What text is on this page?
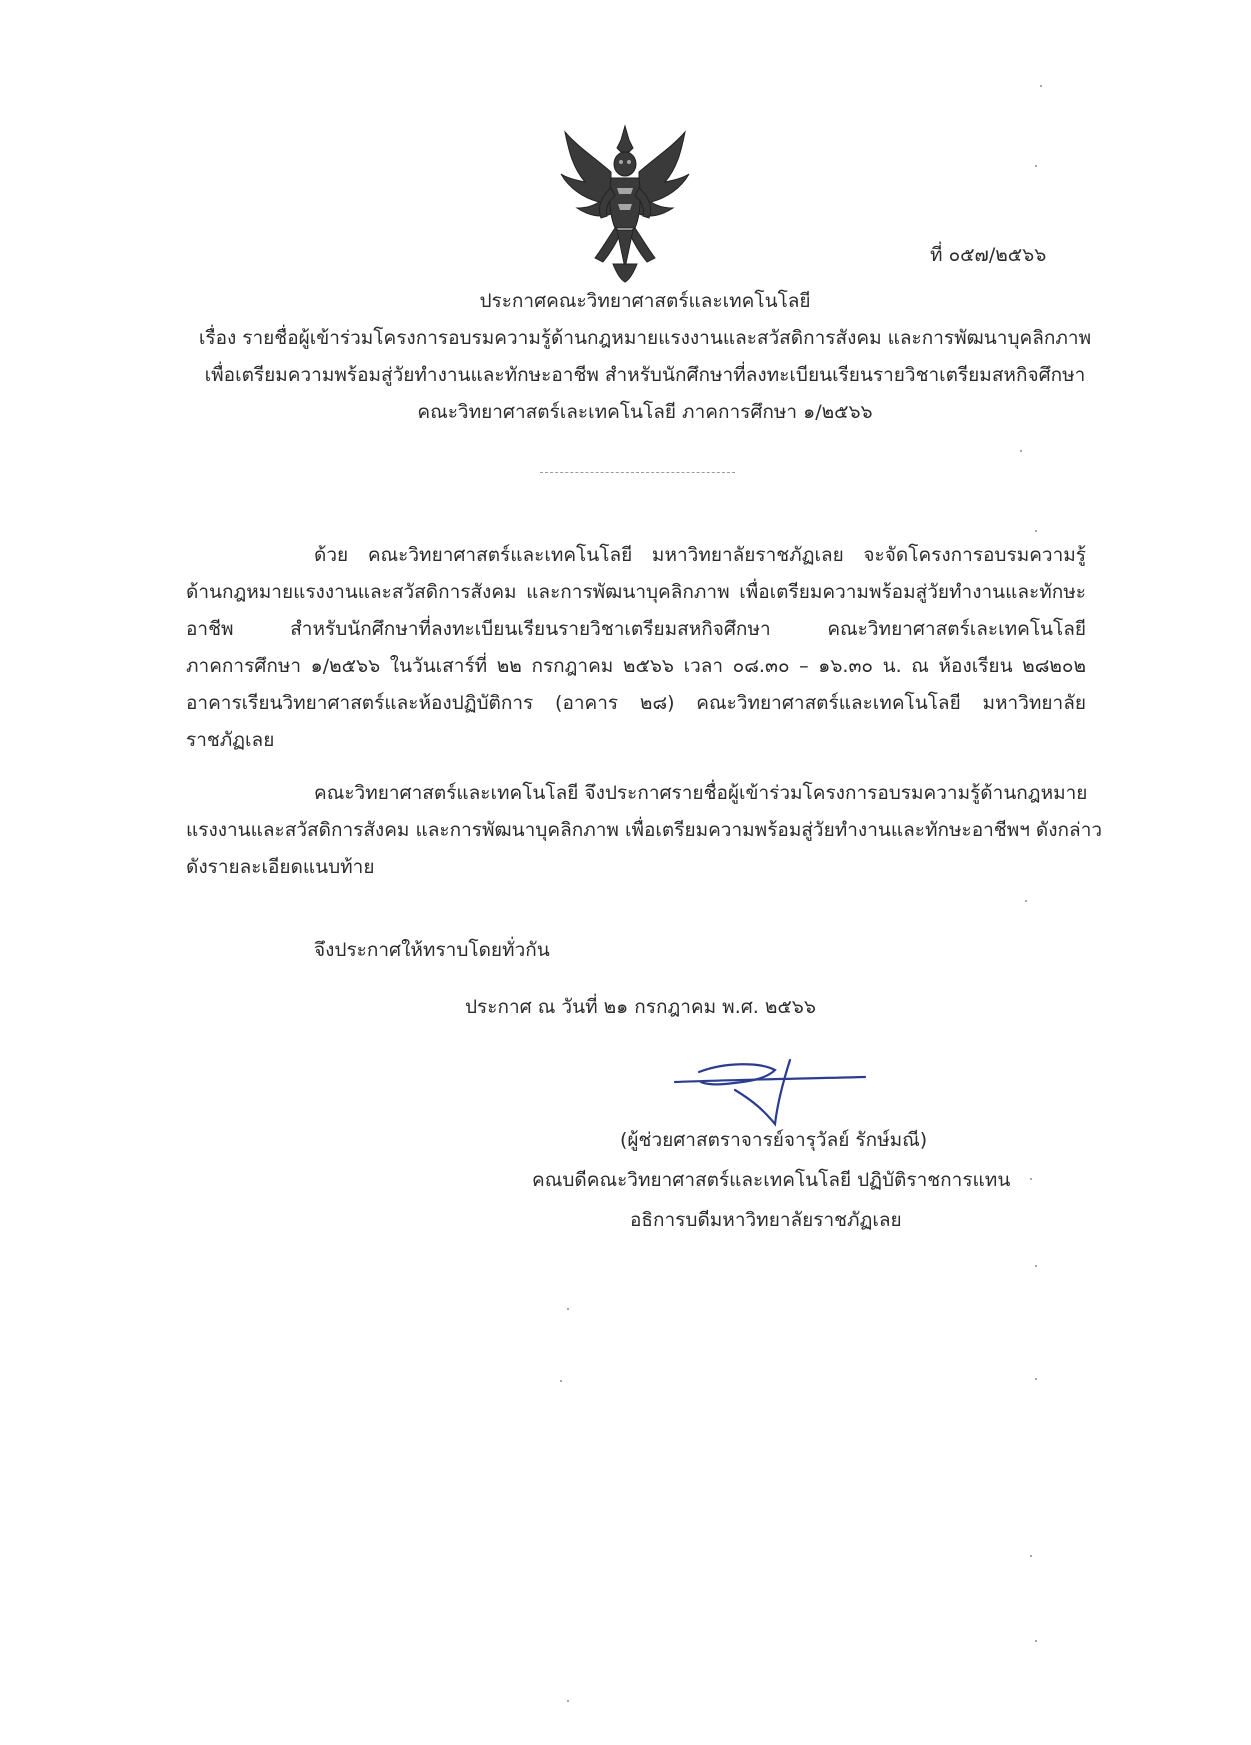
ที่ ๐๕๗/๒๕๖๖
ประกาศคณะวิทยาศาสตร์และเทคโนโลยี
เรื่อง รายชื่อผู้เข้าร่วมโครงการอบรมความรู้ด้านกฎหมายแรงงานและสวัสดิการสังคม และการพัฒนาบุคลิกภาพ
เพื่อเตรียมความพร้อมสู่วัยทำงานและทักษะอาชีพ สำหรับนักศึกษาที่ลงทะเบียนเรียนรายวิชาเตรียมสหกิจศึกษา
คณะวิทยาศาสตร์เละเทคโนโลยี ภาคการศึกษา ๑/๒๕๖๖
ด้วย คณะวิทยาศาสตร์และเทคโนโลยี มหาวิทยาลัยราชภัฏเลย จะจัดโครงการอบรมความรู้
ด้านกฎหมายแรงงานและสวัสดิการสังคม และการพัฒนาบุคลิกภาพ เพื่อเตรียมความพร้อมสู่วัยทำงานและทักษะ
อาชีพ สำหรับนักศึกษาที่ลงทะเบียนเรียนรายวิชาเตรียมสหกิจศึกษา คณะวิทยาศาสตร์เละเทคโนโลยี
ภาคการศึกษา ๑/๒๕๖๖ ในวันเสาร์ที่ ๒๒ กรกฎาคม ๒๕๖๖ เวลา ๐๘.๓๐ – ๑๖.๓๐ น. ณ ห้องเรียน ๒๘๒๐๒
อาคารเรียนวิทยาศาสตร์และห้องปฏิบัติการ (อาคาร ๒๘) คณะวิทยาศาสตร์และเทคโนโลยี มหาวิทยาลัย
ราชภัฏเลย
คณะวิทยาศาสตร์และเทคโนโลยี จึงประกาศรายชื่อผู้เข้าร่วมโครงการอบรมความรู้ด้านกฎหมาย
แรงงานและสวัสดิการสังคม และการพัฒนาบุคลิกภาพ เพื่อเตรียมความพร้อมสู่วัยทำงานและทักษะอาชีพฯ ดังกล่าว
ดังรายละเอียดแนบท้าย
จึงประกาศให้ทราบโดยทั่วกัน
ประกาศ ณ วันที่ ๒๑ กรกฎาคม พ.ศ. ๒๕๖๖
(ผู้ช่วยศาสตราจารย์จารุวัลย์ รักษ์มณี)
คณบดีคณะวิทยาศาสตร์และเทคโนโลยี ปฏิบัติราชการแทน
อธิการบดีมหาวิทยาลัยราชภัฏเลย
